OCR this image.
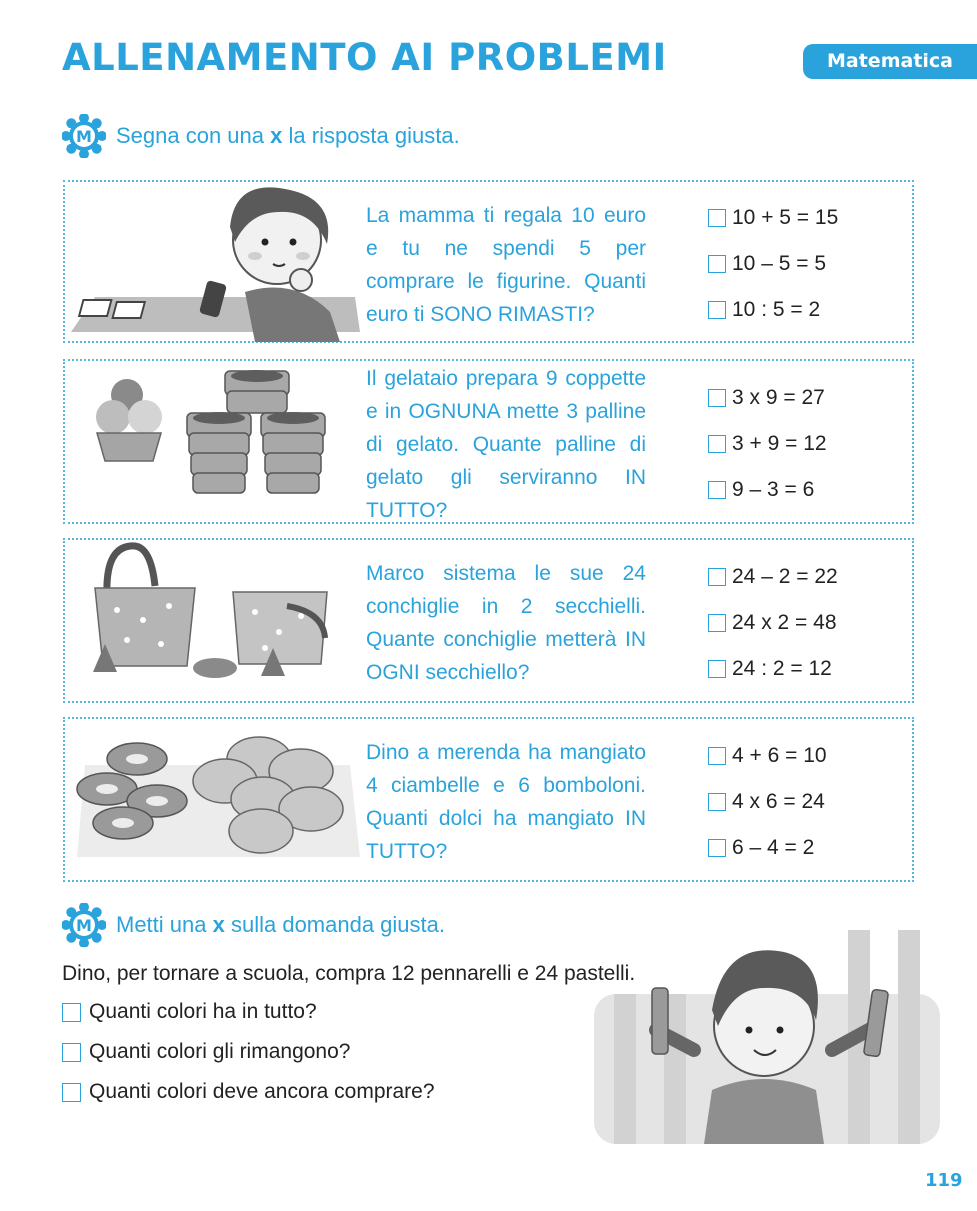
ALLENAMENTO AI PROBLEMI	Matematica
M Segna con una x la risposta giusta.
La mamma ti regala 10 euro e tu ne spendi 5 per comprare le figurine. Quanti euro ti SONO RIMASTI?
10 + 5 = 15
10 – 5 = 5
10 : 5 = 2
Il gelataio prepara 9 coppette e in OGNUNA mette 3 palline di gelato. Quante palline di gelato gli serviranno IN TUTTO?
3 x 9 = 27
3 + 9 = 12
9 – 3 = 6
Marco sistema le sue 24 conchiglie in 2 secchielli. Quante conchiglie metterà IN OGNI secchiello?
24 – 2 = 22
24 x 2 = 48
24 : 2 = 12
Dino a merenda ha mangiato 4 ciambelle e 6 bomboloni. Quanti dolci ha mangiato IN TUTTO?
4 + 6 = 10
4 x 6 = 24
6 – 4 = 2
M Metti una x sulla domanda giusta.
Dino, per tornare a scuola, compra 12 pennarelli e 24 pastelli.
Quanti colori ha in tutto?
Quanti colori gli rimangono?
Quanti colori deve ancora comprare?
119
